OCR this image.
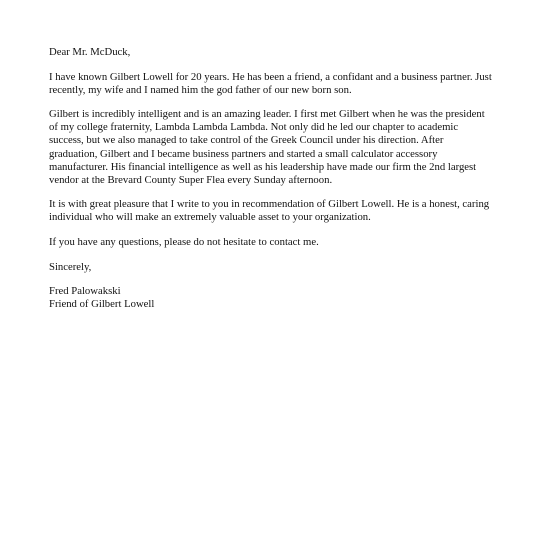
Dear Mr. McDuck,

I have known Gilbert Lowell for 20 years. He has been a friend, a confidant and a business partner. Just
recently, my wife and I named him the god father of our new born son.

Gilbert is incredibly intelligent and is an amazing leader. I first met Gilbert when he was the president
of my college fraternity, Lambda Lambda Lambda. Not only did he led our chapter to academic
success, but we also managed to take control of the Greek Council under his direction. After
graduation, Gilbert and I became business partners and started a small calculator accessory
manufacturer. His financial intelligence as well as his leadership have made our firm the 2nd largest
vendor at the Brevard County Super Flea every Sunday afternoon.

It is with great pleasure that I write to you in recommendation of Gilbert Lowell. He is a honest, caring
individual who will make an extremely valuable asset to your organization.

If you have any questions, please do not hesitate to contact me.

Sincerely,

Fred Palowakski

Friend of Gilbert Lowell
